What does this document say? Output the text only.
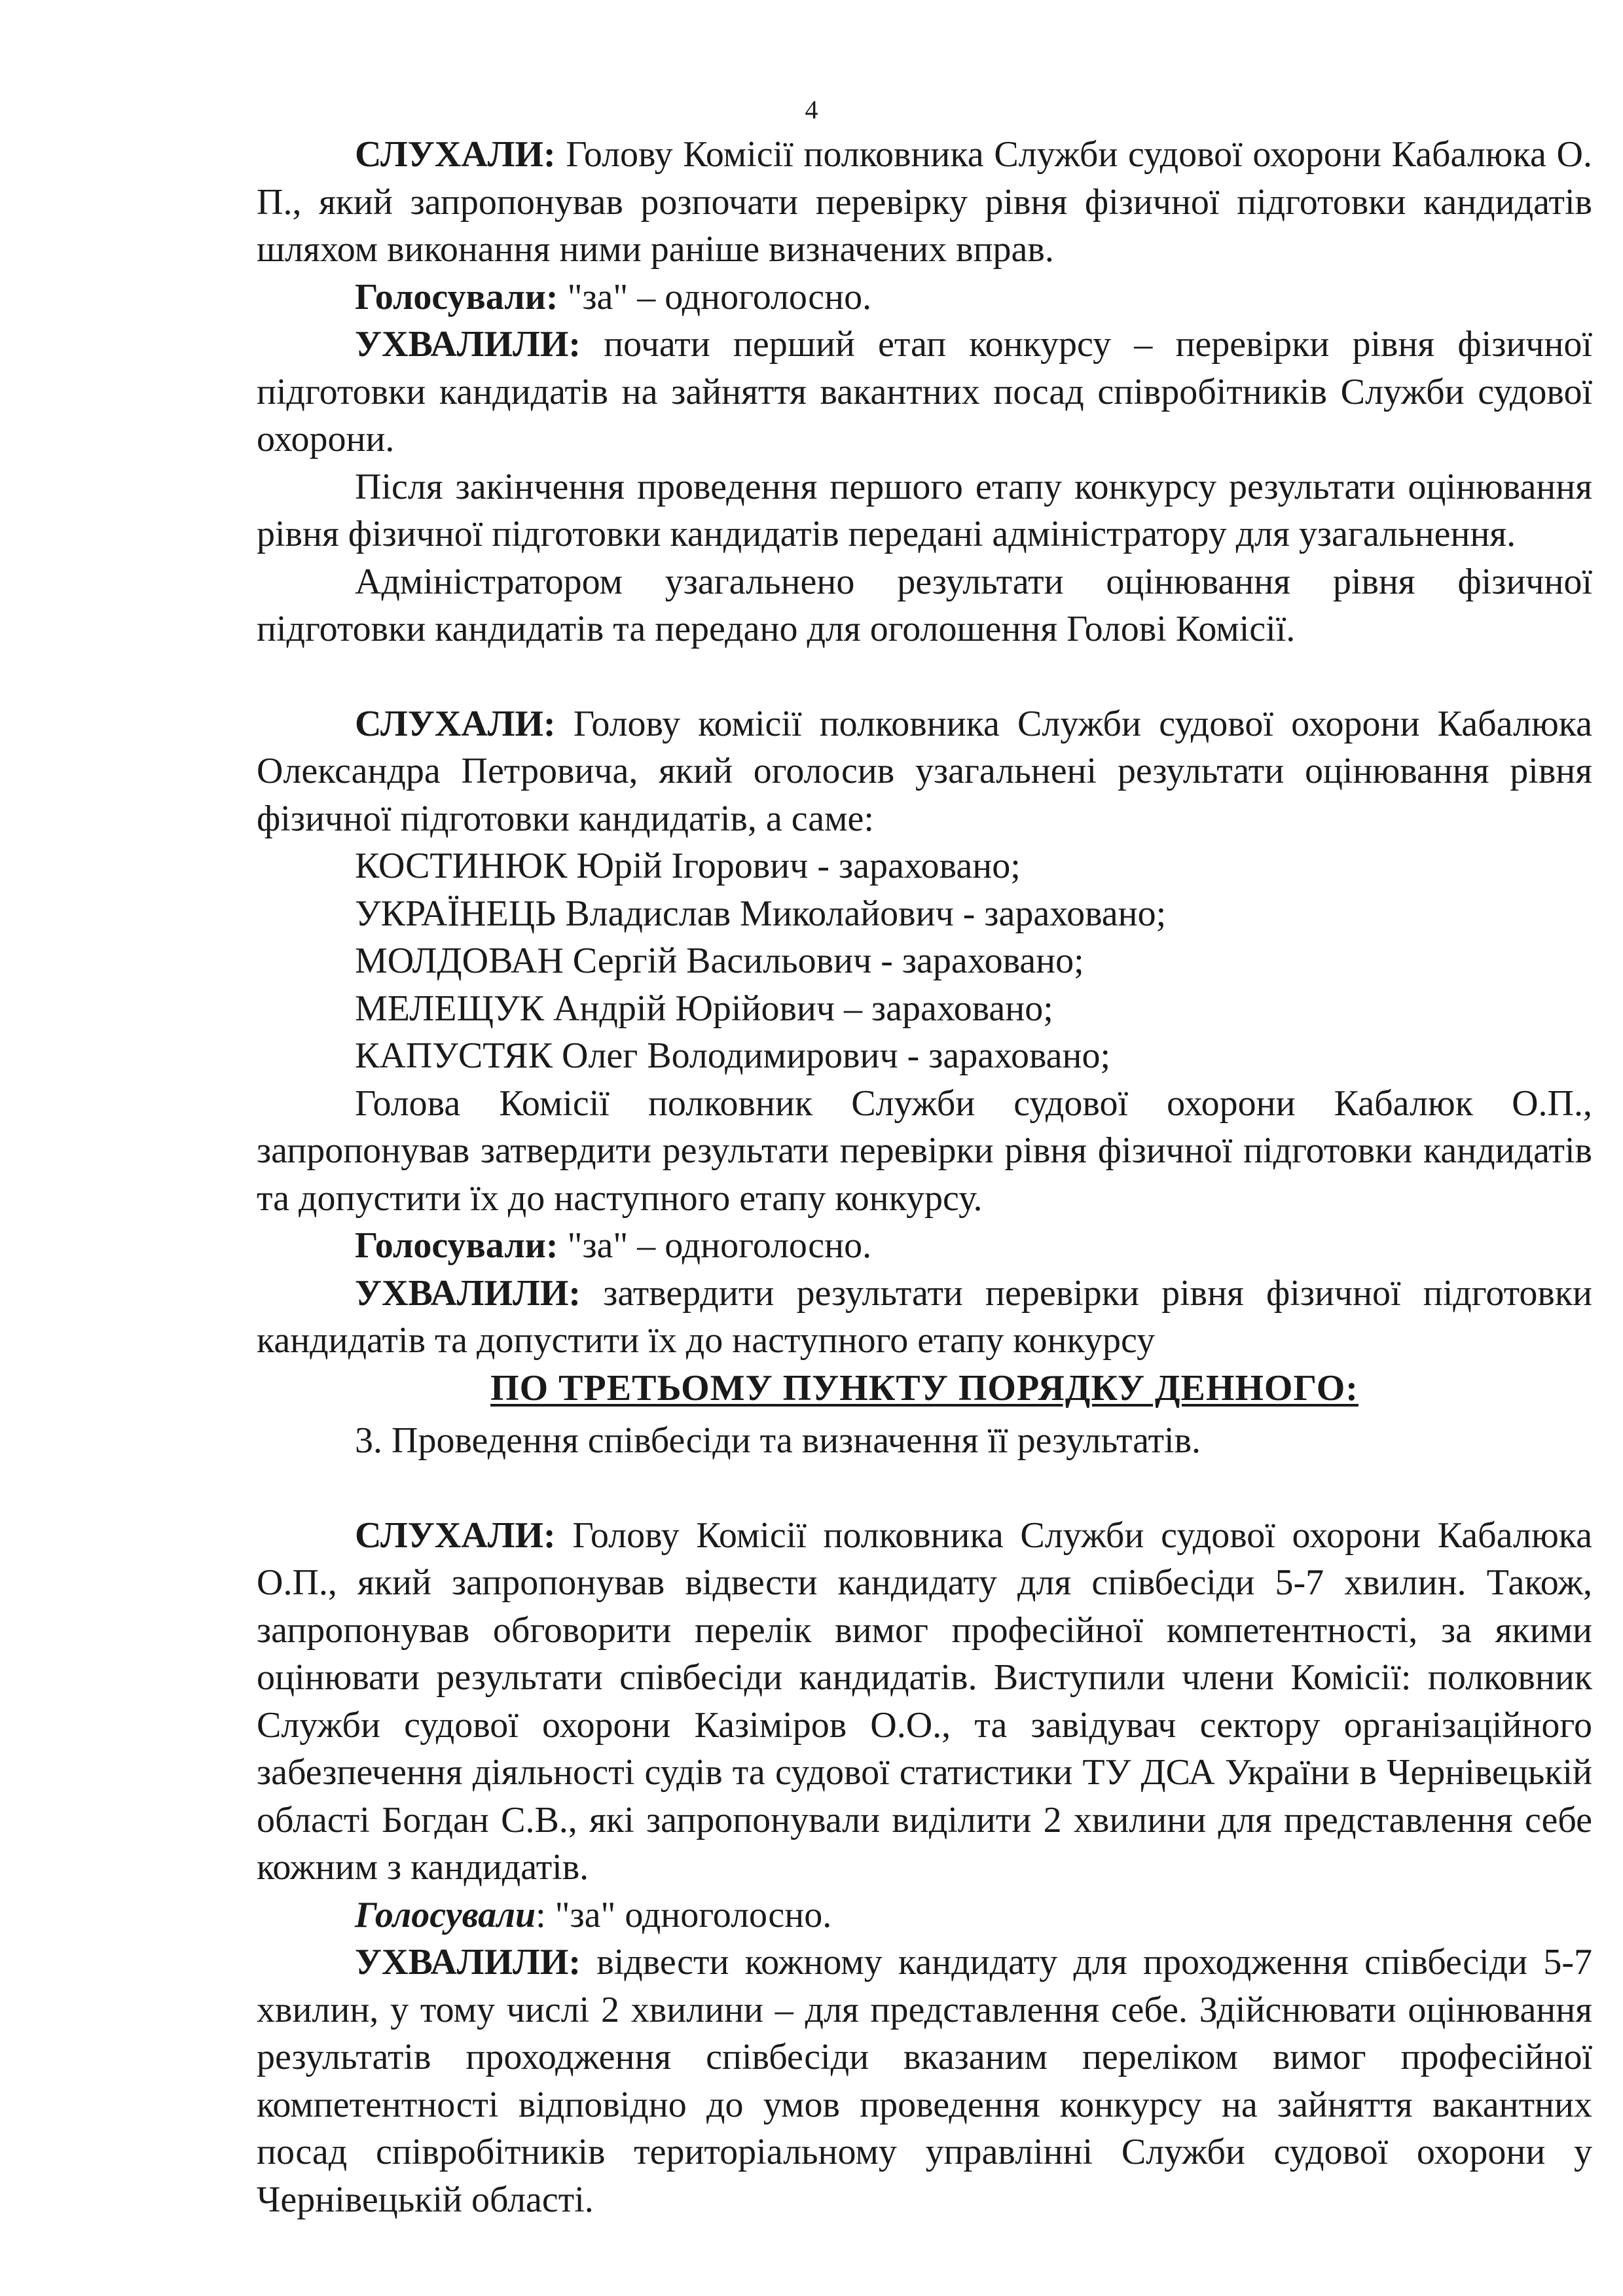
4

СЛУХАЛИ: Голову Комісії полковника Служби судової охорони Кабалюка О. П., який запропонував розпочати перевірку рівня фізичної підготовки кандидатів шляхом виконання ними раніше визначених вправ.

Голосували: "за" – одноголосно.

УХВАЛИЛИ: почати перший етап конкурсу – перевірки рівня фізичної підготовки кандидатів на зайняття вакантних посад співробітників Служби судової охорони.

Після закінчення проведення першого етапу конкурсу результати оцінювання рівня фізичної підготовки кандидатів передані адміністратору для узагальнення.

Адміністратором узагальнено результати оцінювання рівня фізичної підготовки кандидатів та передано для оголошення Голові Комісії.

СЛУХАЛИ: Голову комісії полковника Служби судової охорони Кабалюка Олександра Петровича, який оголосив узагальнені результати оцінювання рівня фізичної підготовки кандидатів, а саме:

КОСТИНЮК Юрій Ігорович - зараховано;

УКРАЇНЕЦЬ Владислав Миколайович - зараховано;

МОЛДОВАН Сергій Васильович - зараховано;

МЕЛЕЩУК Андрій Юрійович – зараховано;

КАПУСТЯК Олег Володимирович - зараховано;

Голова Комісії полковник Служби судової охорони Кабалюк О.П., запропонував затвердити результати перевірки рівня фізичної підготовки кандидатів та допустити їх до наступного етапу конкурсу.

Голосували: "за" – одноголосно.

УХВАЛИЛИ: затвердити результати перевірки рівня фізичної підготовки кандидатів та допустити їх до наступного етапу конкурсу

ПО ТРЕТЬОМУ ПУНКТУ ПОРЯДКУ ДЕННОГО:

3. Проведення співбесіди та визначення її результатів.

СЛУХАЛИ: Голову Комісії полковника Служби судової охорони Кабалюка О.П., який запропонував відвести кандидату для співбесіди 5-7 хвилин. Також, запропонував обговорити перелік вимог професійної компетентності, за якими оцінювати результати співбесіди кандидатів. Виступили члени Комісії: полковник Служби судової охорони Казіміров О.О., та завідувач сектору організаційного забезпечення діяльності судів та судової статистики ТУ ДСА України в Чернівецькій області Богдан С.В., які запропонували виділити 2 хвилини для представлення себе кожним з кандидатів.

Голосували: "за" одноголосно.

УХВАЛИЛИ: відвести кожному кандидату для проходження співбесіди 5-7 хвилин, у тому числі 2 хвилини – для представлення себе. Здійснювати оцінювання результатів проходження співбесіди вказаним переліком вимог професійної компетентності відповідно до умов проведення конкурсу на зайняття вакантних посад співробітників територіальному управлінні Служби судової охорони у Чернівецькій області.
